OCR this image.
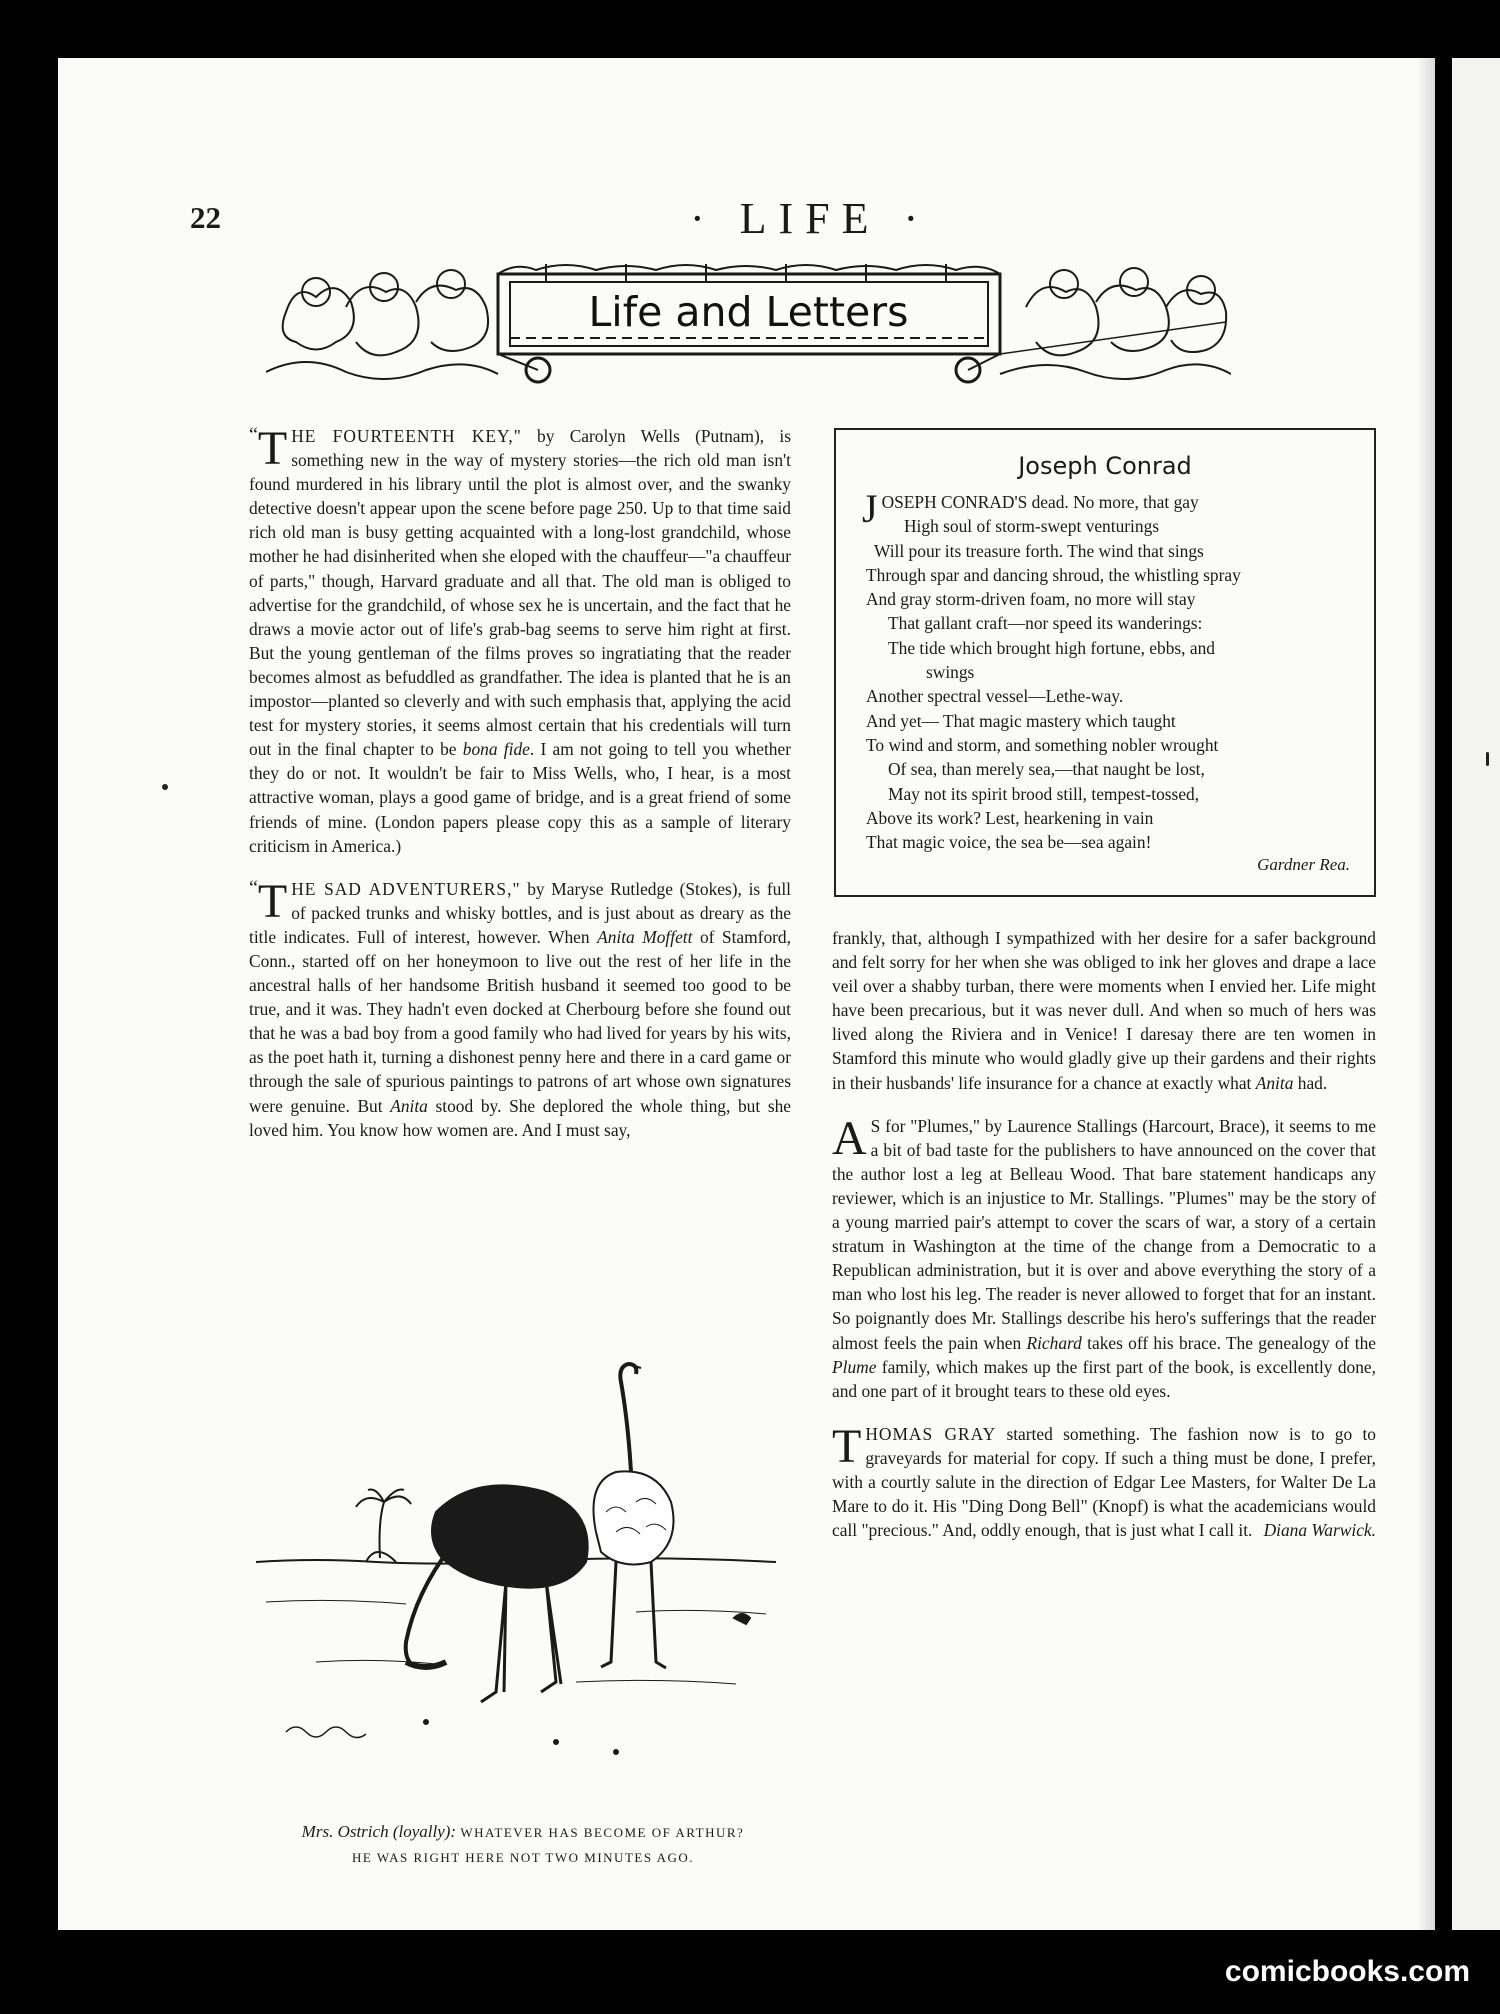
22	· LIFE ·
Life and Letters

“ T HE FOURTEENTH KEY," by Carolyn Wells (Putnam), is something new in the way of mystery stories—the rich old man isn't found murdered in his library until the plot is almost over, and the swanky detective doesn't appear upon the scene before page 250. Up to that time said rich old man is busy getting acquainted with a long-lost grandchild, whose mother he had disinherited when she eloped with the chauffeur—"a chauffeur of parts," though, Harvard graduate and all that. The old man is obliged to advertise for the grandchild, of whose sex he is uncertain, and the fact that he draws a movie actor out of life's grab-bag seems to serve him right at first. But the young gentleman of the films proves so ingratiating that the reader becomes almost as befuddled as grandfather. The idea is planted that he is an impostor—planted so cleverly and with such emphasis that, applying the acid test for mystery stories, it seems almost certain that his credentials will turn out in the final chapter to be bona fide. I am not going to tell you whether they do or not. It wouldn't be fair to Miss Wells, who, I hear, is a most attractive woman, plays a good game of bridge, and is a great friend of some friends of mine. (London papers please copy this as a sample of literary criticism in America.)

“ T HE SAD ADVENTURERS," by Maryse Rutledge (Stokes), is full of packed trunks and whisky bottles, and is just about as dreary as the title indicates. Full of interest, however. When Anita Moffett of Stamford, Conn., started off on her honeymoon to live out the rest of her life in the ancestral halls of her handsome British husband it seemed too good to be true, and it was. They hadn't even docked at Cherbourg before she found out that he was a bad boy from a good family who had lived for years by his wits, as the poet hath it, turning a dishonest penny here and there in a card game or through the sale of spurious paintings to patrons of art whose own signatures were genuine. But Anita stood by. She deplored the whole thing, but she loved him. You know how women are. And I must say,

Joseph Conrad
JOSEPH CONRAD'S dead. No more, that gay
High soul of storm-swept venturings
Will pour its treasure forth. The wind that sings
Through spar and dancing shroud, the whistling spray
And gray storm-driven foam, no more will stay
That gallant craft—nor speed its wanderings:
The tide which brought high fortune, ebbs, and
swings
Another spectral vessel—Lethe-way.
And yet— That magic mastery which taught
To wind and storm, and something nobler wrought
Of sea, than merely sea,—that naught be lost,
May not its spirit brood still, tempest-tossed,
Above its work? Lest, hearkening in vain
That magic voice, the sea be—sea again!
Gardner Rea.

frankly, that, although I sympathized with her desire for a safer background and felt sorry for her when she was obliged to ink her gloves and drape a lace veil over a shabby turban, there were moments when I envied her. Life might have been precarious, but it was never dull. And when so much of hers was lived along the Riviera and in Venice! I daresay there are ten women in Stamford this minute who would gladly give up their gardens and their rights in their husbands' life insurance for a chance at exactly what Anita had.

A S for "Plumes," by Laurence Stallings (Harcourt, Brace), it seems to me a bit of bad taste for the publishers to have announced on the cover that the author lost a leg at Belleau Wood. That bare statement handicaps any reviewer, which is an injustice to Mr. Stallings. "Plumes" may be the story of a young married pair's attempt to cover the scars of war, a story of a certain stratum in Washington at the time of the change from a Democratic to a Republican administration, but it is over and above everything the story of a man who lost his leg. The reader is never allowed to forget that for an instant. So poignantly does Mr. Stallings describe his hero's sufferings that the reader almost feels the pain when Richard takes off his brace. The genealogy of the Plume family, which makes up the first part of the book, is excellently done, and one part of it brought tears to these old eyes.

THOMAS GRAY started something. The fashion now is to go to graveyards for material for copy. If such a thing must be done, I prefer, with a courtly salute in the direction of Edgar Lee Masters, for Walter De La Mare to do it. His "Ding Dong Bell" (Knopf) is what the academicians would call "precious." And, oddly enough, that is just what I call it. Diana Warwick.

Mrs. Ostrich (loyally): WHATEVER HAS BECOME OF ARTHUR?
HE WAS RIGHT HERE NOT TWO MINUTES AGO.
comicbooks.com
